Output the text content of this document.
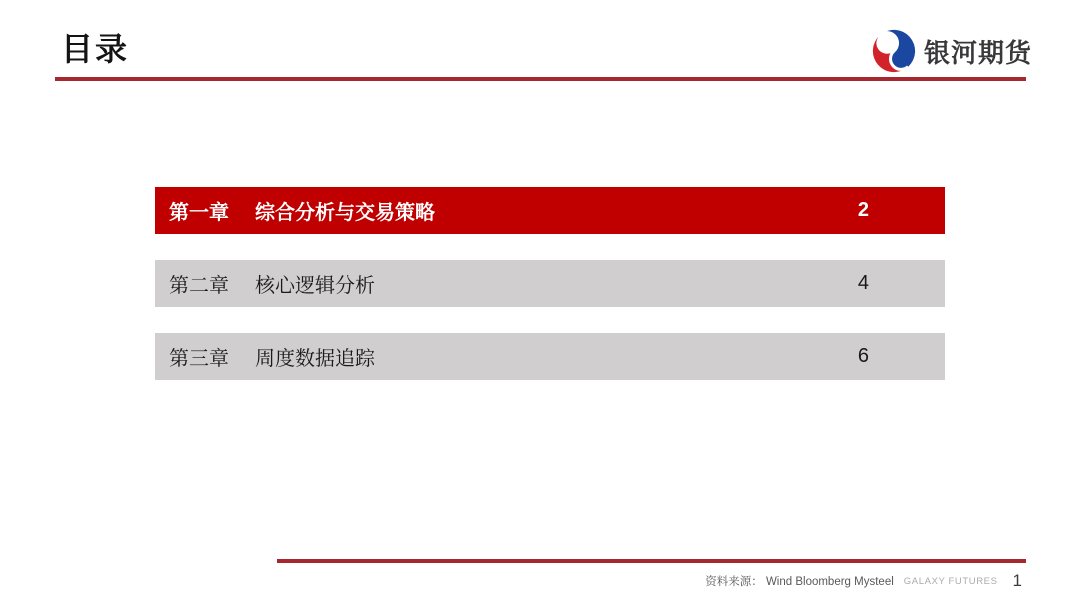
目录	银河期货
第一章 综合分析与交易策略	2
第二章 核心逻辑分析	4
第三章 周度数据追踪	6
资料来源： Wind Bloomberg Mysteel GALAXY FUTURES 1
